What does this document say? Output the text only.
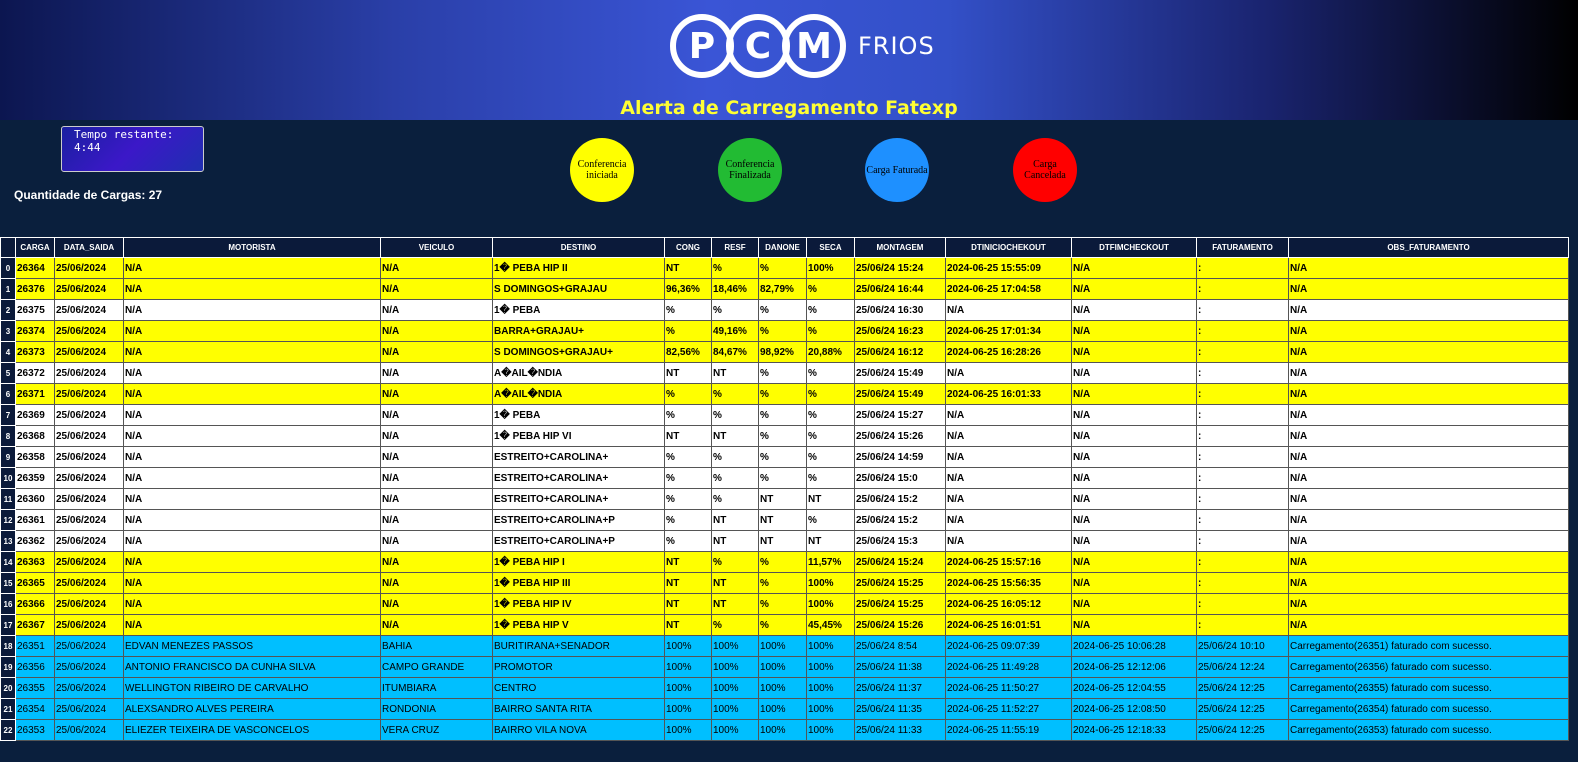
P C M	FRIOS
Alerta de Carregamento Fatexp
Tempo restante: 4:44
Quantidade de Cargas: 27
Conferencia iniciada
Conferencia Finalizada	Carga Faturada	Carga Cancelada
	CARGA	DATA_SAIDA	MOTORISTA	VEICULO	DESTINO	CONG	RESF	DANONE	SECA	MONTAGEM	DTINICIOCHEKOUT	DTFIMCHECKOUT	FATURAMENTO	OBS_FATURAMENTO
0	26364	25/06/2024	N/A	N/A	1� PEBA HIP II	NT	%	%	100%	25/06/24 15:24	2024-06-25 15:55:09	N/A	:	N/A
1	26376	25/06/2024	N/A	N/A	S DOMINGOS+GRAJAU	96,36%	18,46%	82,79%	%	25/06/24 16:44	2024-06-25 17:04:58	N/A	:	N/A
2	26375	25/06/2024	N/A	N/A	1� PEBA	%	%	%	%	25/06/24 16:30	N/A	N/A	:	N/A
3	26374	25/06/2024	N/A	N/A	BARRA+GRAJAU+	%	49,16%	%	%	25/06/24 16:23	2024-06-25 17:01:34	N/A	:	N/A
4	26373	25/06/2024	N/A	N/A	S DOMINGOS+GRAJAU+	82,56%	84,67%	98,92%	20,88%	25/06/24 16:12	2024-06-25 16:28:26	N/A	:	N/A
5	26372	25/06/2024	N/A	N/A	A�AIL�NDIA	NT	NT	%	%	25/06/24 15:49	N/A	N/A	:	N/A
6	26371	25/06/2024	N/A	N/A	A�AIL�NDIA	%	%	%	%	25/06/24 15:49	2024-06-25 16:01:33	N/A	:	N/A
7	26369	25/06/2024	N/A	N/A	1� PEBA	%	%	%	%	25/06/24 15:27	N/A	N/A	:	N/A
8	26368	25/06/2024	N/A	N/A	1� PEBA HIP VI	NT	NT	%	%	25/06/24 15:26	N/A	N/A	:	N/A
9	26358	25/06/2024	N/A	N/A	ESTREITO+CAROLINA+	%	%	%	%	25/06/24 14:59	N/A	N/A	:	N/A
10	26359	25/06/2024	N/A	N/A	ESTREITO+CAROLINA+	%	%	%	%	25/06/24 15:0	N/A	N/A	:	N/A
11	26360	25/06/2024	N/A	N/A	ESTREITO+CAROLINA+	%	%	NT	NT	25/06/24 15:2	N/A	N/A	:	N/A
12	26361	25/06/2024	N/A	N/A	ESTREITO+CAROLINA+P	%	NT	NT	%	25/06/24 15:2	N/A	N/A	:	N/A
13	26362	25/06/2024	N/A	N/A	ESTREITO+CAROLINA+P	%	NT	NT	NT	25/06/24 15:3	N/A	N/A	:	N/A
14	26363	25/06/2024	N/A	N/A	1� PEBA HIP I	NT	%	%	11,57%	25/06/24 15:24	2024-06-25 15:57:16	N/A	:	N/A
15	26365	25/06/2024	N/A	N/A	1� PEBA HIP III	NT	NT	%	100%	25/06/24 15:25	2024-06-25 15:56:35	N/A	:	N/A
16	26366	25/06/2024	N/A	N/A	1� PEBA HIP IV	NT	NT	%	100%	25/06/24 15:25	2024-06-25 16:05:12	N/A	:	N/A
17	26367	25/06/2024	N/A	N/A	1� PEBA HIP V	NT	%	%	45,45%	25/06/24 15:26	2024-06-25 16:01:51	N/A	:	N/A
18	26351	25/06/2024	EDVAN MENEZES PASSOS	BAHIA	BURITIRANA+SENADOR	100%	100%	100%	100%	25/06/24 8:54	2024-06-25 09:07:39	2024-06-25 10:06:28	25/06/24 10:10	Carregamento(26351) faturado com sucesso.
19	26356	25/06/2024	ANTONIO FRANCISCO DA CUNHA SILVA	CAMPO GRANDE	PROMOTOR	100%	100%	100%	100%	25/06/24 11:38	2024-06-25 11:49:28	2024-06-25 12:12:06	25/06/24 12:24	Carregamento(26356) faturado com sucesso.
20	26355	25/06/2024	WELLINGTON RIBEIRO DE CARVALHO	ITUMBIARA	CENTRO	100%	100%	100%	100%	25/06/24 11:37	2024-06-25 11:50:27	2024-06-25 12:04:55	25/06/24 12:25	Carregamento(26355) faturado com sucesso.
21	26354	25/06/2024	ALEXSANDRO ALVES PEREIRA	RONDONIA	BAIRRO SANTA RITA	100%	100%	100%	100%	25/06/24 11:35	2024-06-25 11:52:27	2024-06-25 12:08:50	25/06/24 12:25	Carregamento(26354) faturado com sucesso.
22	26353	25/06/2024	ELIEZER TEIXEIRA DE VASCONCELOS	VERA CRUZ	BAIRRO VILA NOVA	100%	100%	100%	100%	25/06/24 11:33	2024-06-25 11:55:19	2024-06-25 12:18:33	25/06/24 12:25	Carregamento(26353) faturado com sucesso.
